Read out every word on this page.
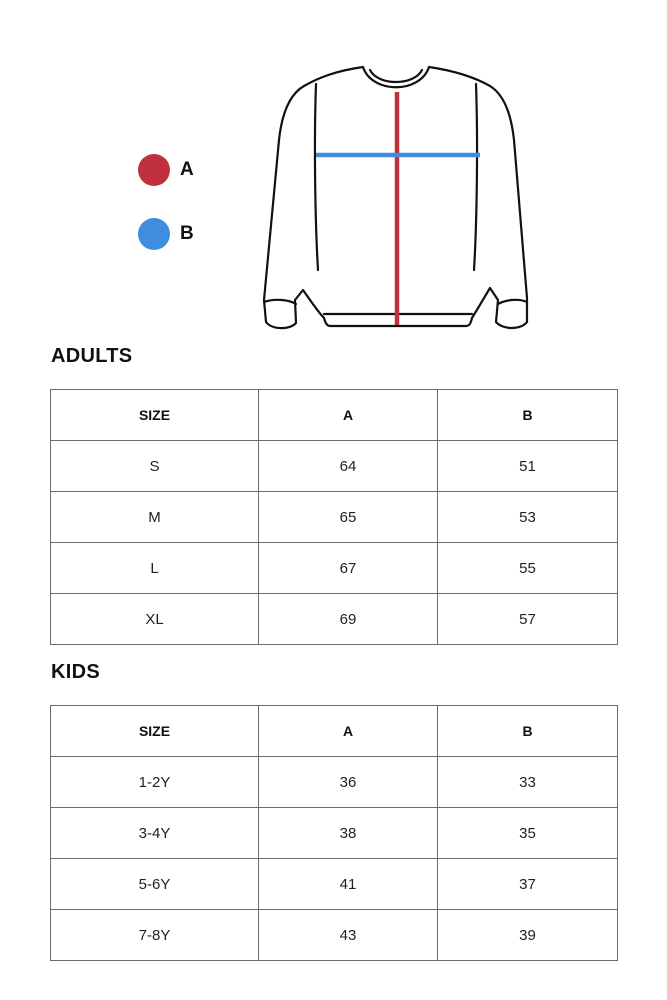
A
B
ADULTS
SIZE	A	B
S	64	51
M	65	53
L	67	55
XL	69	57
KIDS
SIZE	A	B
1-2Y	36	33
3-4Y	38	35
5-6Y	41	37
7-8Y	43	39
